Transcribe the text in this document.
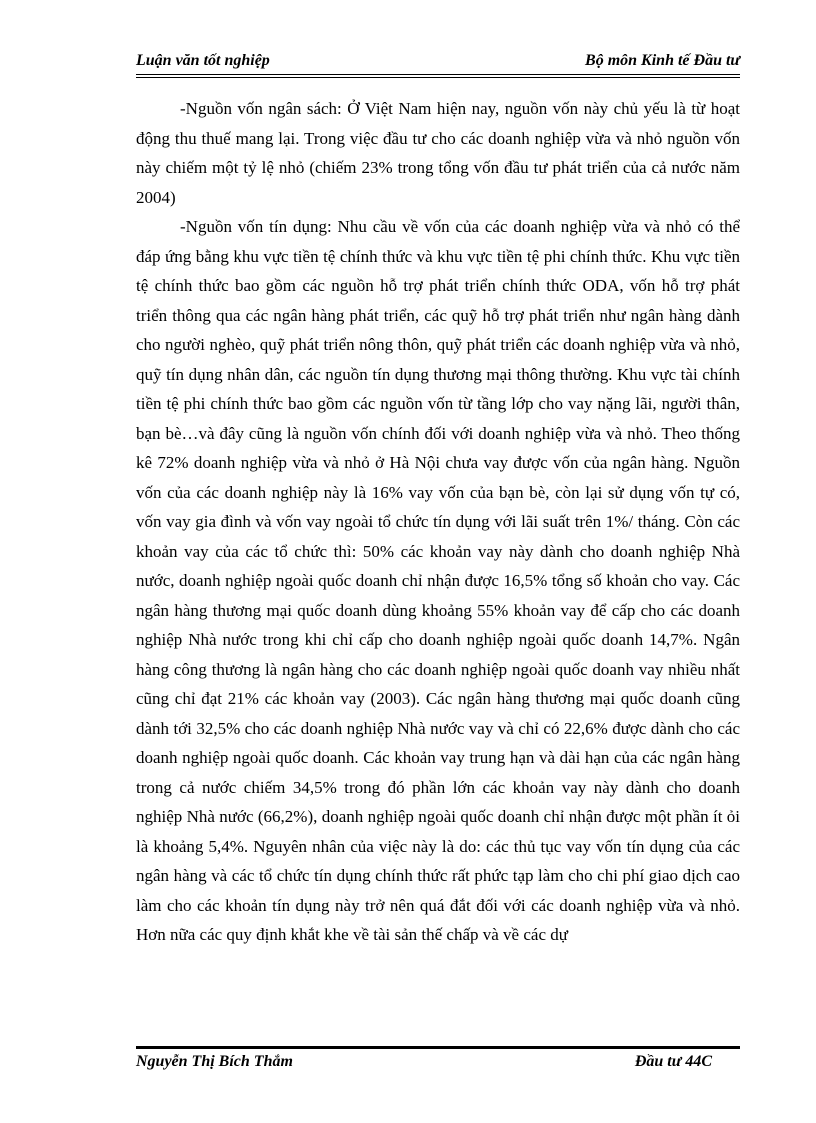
Luận văn tốt nghiệp	Bộ môn Kinh tế Đầu tư

-Nguồn vốn ngân sách: Ở Việt Nam hiện nay, nguồn vốn này chủ yếu là từ hoạt động thu thuế mang lại. Trong việc đầu tư cho các doanh nghiệp vừa và nhỏ nguồn vốn này chiếm một tỷ lệ nhỏ (chiếm 23% trong tổng vốn đầu tư phát triển của cả nước năm 2004)

-Nguồn vốn tín dụng: Nhu cầu về vốn của các doanh nghiệp vừa và nhỏ có thể đáp ứng bằng khu vực tiền tệ chính thức và khu vực tiền tệ phi chính thức. Khu vực tiền tệ chính thức bao gồm các nguồn hỗ trợ phát triển chính thức ODA, vốn hỗ trợ phát triển thông qua các ngân hàng phát triển, các quỹ hỗ trợ phát triển như ngân hàng dành cho người nghèo, quỹ phát triển nông thôn, quỹ phát triển các doanh nghiệp vừa và nhỏ, quỹ tín dụng nhân dân, các nguồn tín dụng thương mại thông thường. Khu vực tài chính tiền tệ phi chính thức bao gồm các nguồn vốn từ tầng lớp cho vay nặng lãi, người thân, bạn bè…và đây cũng là nguồn vốn chính đối với doanh nghiệp vừa và nhỏ. Theo thống kê 72% doanh nghiệp vừa và nhỏ ở Hà Nội chưa vay được vốn của ngân hàng. Nguồn vốn của các doanh nghiệp này là 16% vay vốn của bạn bè, còn lại sử dụng vốn tự có, vốn vay gia đình và vốn vay ngoài tổ chức tín dụng với lãi suất trên 1%/ tháng. Còn các khoản vay của các tổ chức thì: 50% các khoản vay này dành cho doanh nghiệp Nhà nước, doanh nghiệp ngoài quốc doanh chỉ nhận được 16,5% tổng số khoản cho vay. Các ngân hàng thương mại quốc doanh dùng khoảng 55% khoản vay để cấp cho các doanh nghiệp Nhà nước trong khi chỉ cấp cho doanh nghiệp ngoài quốc doanh 14,7%. Ngân hàng công thương là ngân hàng cho các doanh nghiệp ngoài quốc doanh vay nhiều nhất cũng chỉ đạt 21% các khoản vay (2003). Các ngân hàng thương mại quốc doanh cũng dành tới 32,5% cho các doanh nghiệp Nhà nước vay và chỉ có 22,6% được dành cho các doanh nghiệp ngoài quốc doanh. Các khoản vay trung hạn và dài hạn của các ngân hàng trong cả nước chiếm 34,5% trong đó phần lớn các khoản vay này dành cho doanh nghiệp Nhà nước (66,2%), doanh nghiệp ngoài quốc doanh chỉ nhận được một phần ít ỏi là khoảng 5,4%. Nguyên nhân của việc này là do: các thủ tục vay vốn tín dụng của các ngân hàng và các tổ chức tín dụng chính thức rất phức tạp làm cho chi phí giao dịch cao làm cho các khoản tín dụng này trở nên quá đắt đối với các doanh nghiệp vừa và nhỏ. Hơn nữa các quy định khắt khe về tài sản thế chấp và về các dự

Nguyễn Thị Bích Thắm	Đầu tư 44C
